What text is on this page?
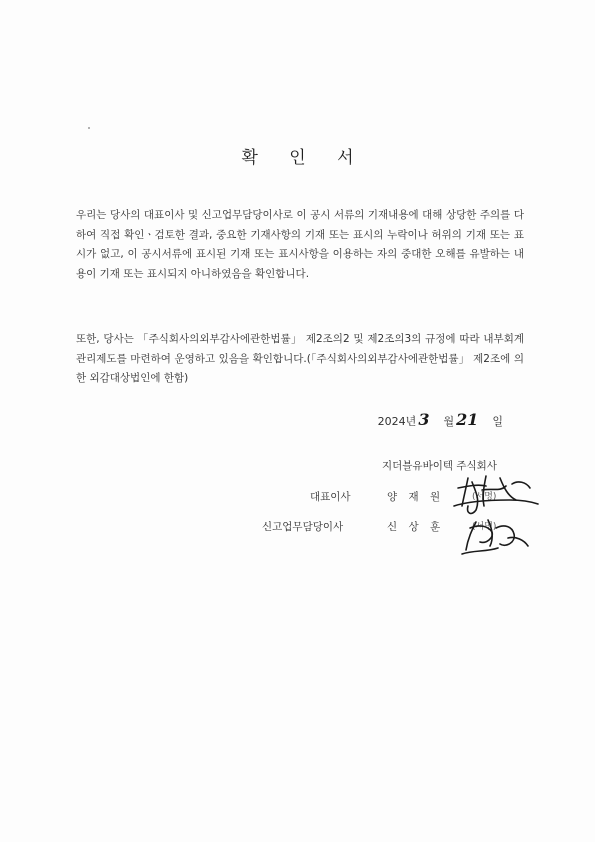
확 인 서

우리는 당사의 대표이사 및 신고업무담당이사로 이 공시 서류의 기재내용에 대해 상당한 주의를 다하여 직접 확인ㆍ검토한 결과, 중요한 기재사항의 기재 또는 표시의 누락이나 허위의 기재 또는 표시가 없고, 이 공시서류에 표시된 기재 또는 표시사항을 이용하는 자의 중대한 오해를 유발하는 내용이 기재 또는 표시되지 아니하였음을 확인합니다.

또한, 당사는 「주식회사의외부감사에관한법률」 제2조의2 및 제2조의3의 규정에 따라 내부회계관리제도를 마련하여 운영하고 있음을 확인합니다.(「주식회사의외부감사에관한법률」 제2조에 의한 외감대상법인에 한함)

2024 년 3 월 21 일
지더블유바이텍 주식회사
대표이사	양 재 원	(서명)
신고업무담당이사	신 상 훈	(서명)
